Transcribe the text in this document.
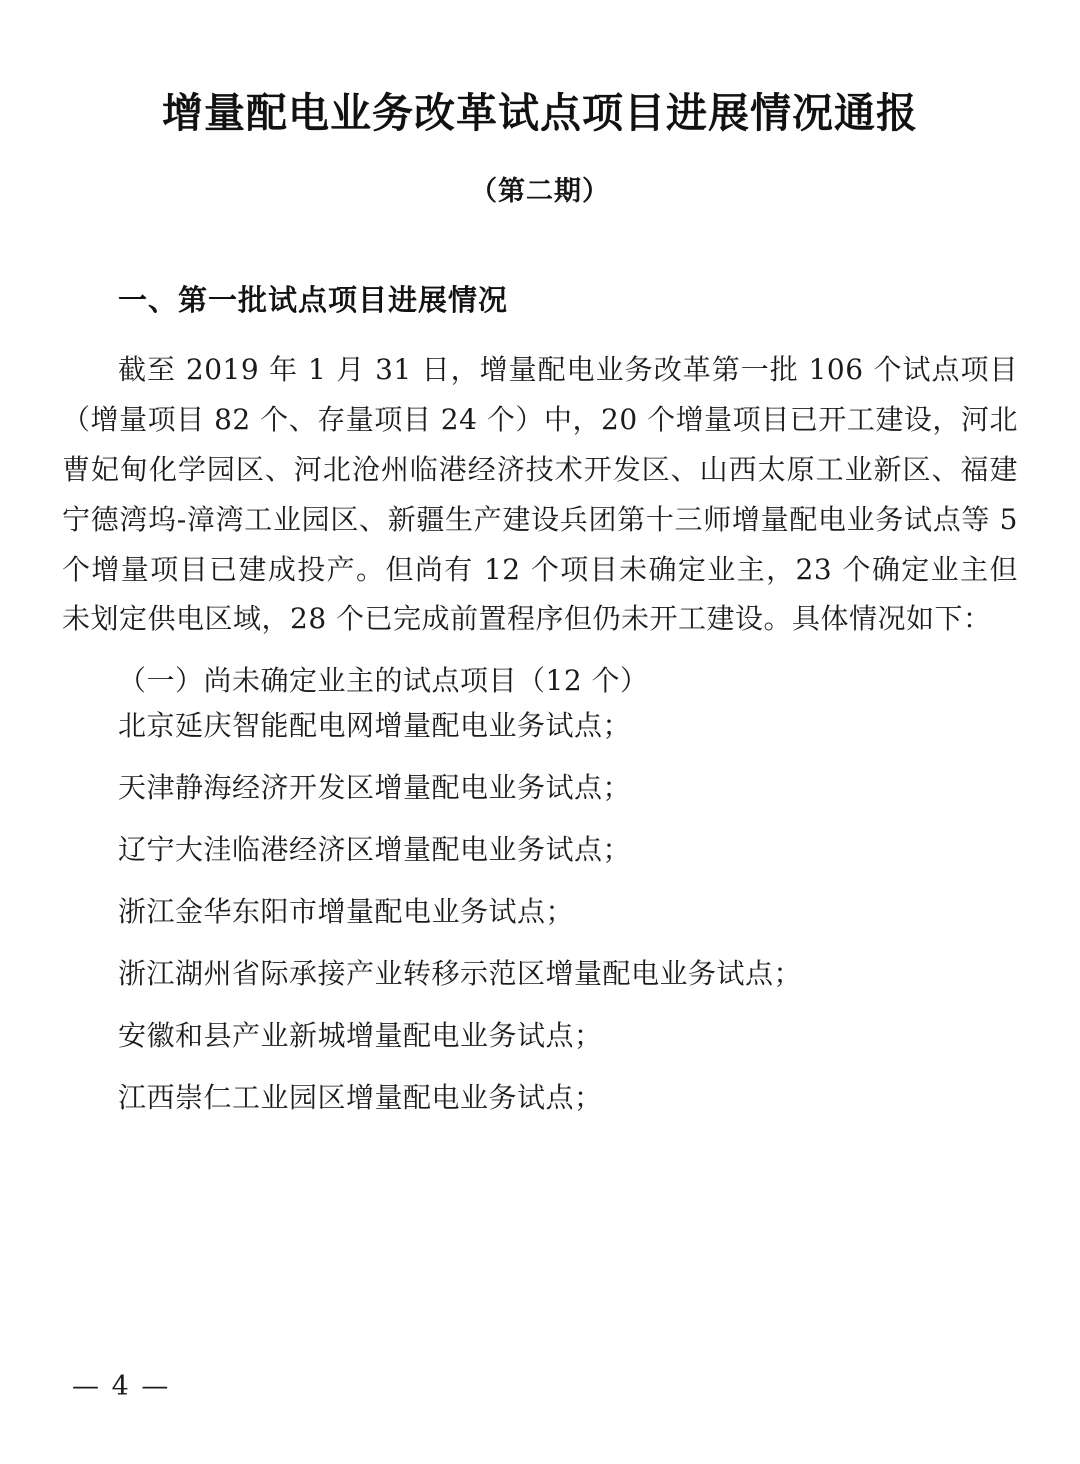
增量配电业务改革试点项目进展情况通报
（第二期）
一、第一批试点项目进展情况

截至 2019 年 1 月 31 日，增量配电业务改革第一批 106 个试点项目（增量项目 82 个、存量项目 24 个）中，20 个增量项目已开工建设，河北曹妃甸化学园区、河北沧州临港经济技术开发区、山西太原工业新区、福建宁德湾坞-漳湾工业园区、新疆生产建设兵团第十三师增量配电业务试点等 5 个增量项目已建成投产。但尚有 12 个项目未确定业主，23 个确定业主但未划定供电区域，28 个已完成前置程序但仍未开工建设。具体情况如下：

（一）尚未确定业主的试点项目（12 个）

北京延庆智能配电网增量配电业务试点；
天津静海经济开发区增量配电业务试点；
辽宁大洼临港经济区增量配电业务试点；
浙江金华东阳市增量配电业务试点；
浙江湖州省际承接产业转移示范区增量配电业务试点；
安徽和县产业新城增量配电业务试点；
江西崇仁工业园区增量配电业务试点；
— 4 —
